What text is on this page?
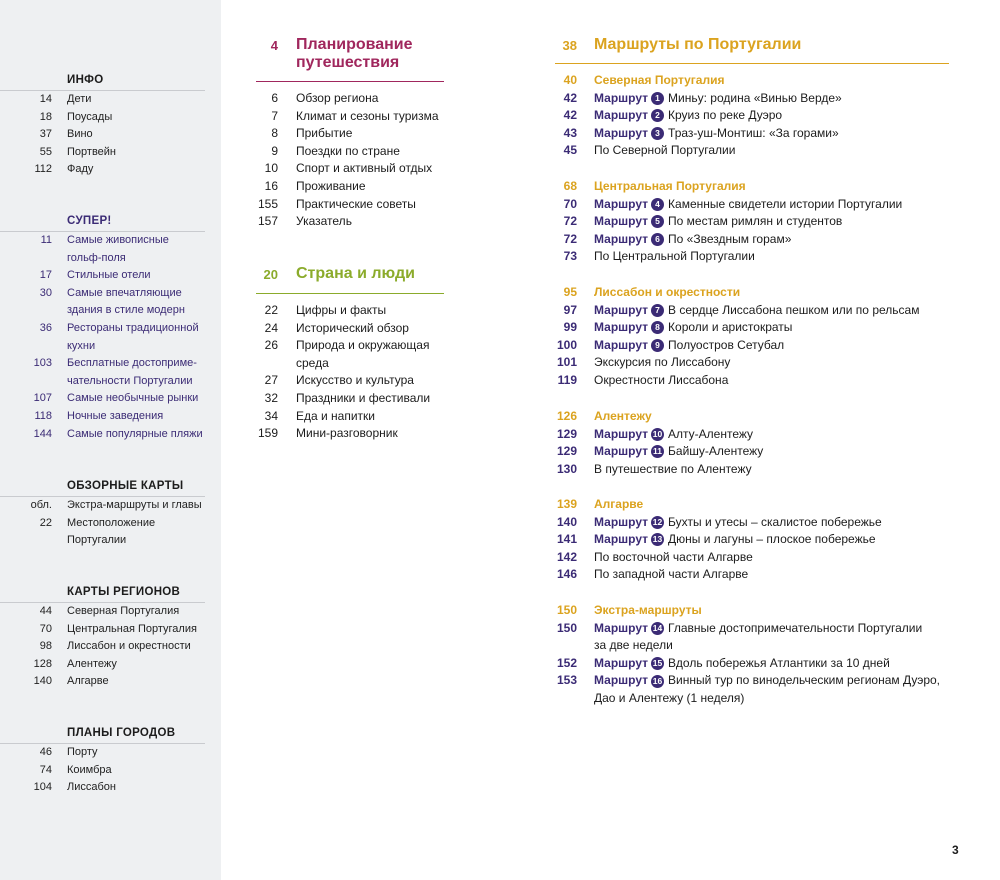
ИНФО
14 Дети
18 Поусады
37 Вино
55 Портвейн
112 Фаду
СУПЕР!
11 Самые живописные
гольф-поля
17 Стильные отели
30 Самые впечатляющие
здания в стиле модерн
36 Рестораны традиционной
кухни
103 Бесплатные достоприме-
чательности Португалии
107 Самые необычные рынки
118 Ночные заведения
144 Самые популярные пляжи
ОБЗОРНЫЕ КАРТЫ
обл. Экстра-маршруты и главы
22 Местоположение
Португалии
КАРТЫ РЕГИОНОВ
44 Северная Португалия
70 Центральная Португалия
98 Лиссабон и окрестности
128 Алентежу
140 Алгарве
ПЛАНЫ ГОРОДОВ
46 Порту
74 Коимбра
104 Лиссабон
4 Планирование
путешествия
6 Обзор региона
7 Климат и сезоны туризма
8 Прибытие
9 Поездки по стране
10 Спорт и активный отдых
16 Проживание
155 Практические советы
157 Указатель
20 Страна и люди
22 Цифры и факты
24 Исторический обзор
26 Природа и окружающая
среда
27 Искусство и культура
32 Праздники и фестивали
34 Еда и напитки
159 Мини-разговорник
38 Маршруты по Португалии
40 Северная Португалия
42 Маршрут 1 Миньу: родина «Винью Верде»
42 Маршрут 2 Круиз по реке Дуэро
43 Маршрут 3 Траз-уш-Монтиш: «За горами»
45 По Северной Португалии
68 Центральная Португалия
70 Маршрут 4 Каменные свидетели истории Португалии
72 Маршрут 5 По местам римлян и студентов
72 Маршрут 6 По «Звездным горам»
73 По Центральной Португалии
95 Лиссабон и окрестности
97 Маршрут 7 В сердце Лиссабона пешком или по рельсам
99 Маршрут 8 Короли и аристократы
100 Маршрут 9 Полуостров Сетубал
101 Экскурсия по Лиссабону
119 Окрестности Лиссабона
126 Алентежу
129 Маршрут 10 Алту-Алентежу
129 Маршрут 11 Байшу-Алентежу
130 В путешествие по Алентежу
139 Алгарве
140 Маршрут 12 Бухты и утесы – скалистое побережье
141 Маршрут 13 Дюны и лагуны – плоское побережье
142 По восточной части Алгарве
146 По западной части Алгарве
150 Экстра-маршруты
150 Маршрут 14 Главные достопримечательности Португалии
за две недели
152 Маршрут 15 Вдоль побережья Атлантики за 10 дней
153 Маршрут 16 Винный тур по винодельческим регионам Дуэро,
Дао и Алентежу (1 неделя)
3
